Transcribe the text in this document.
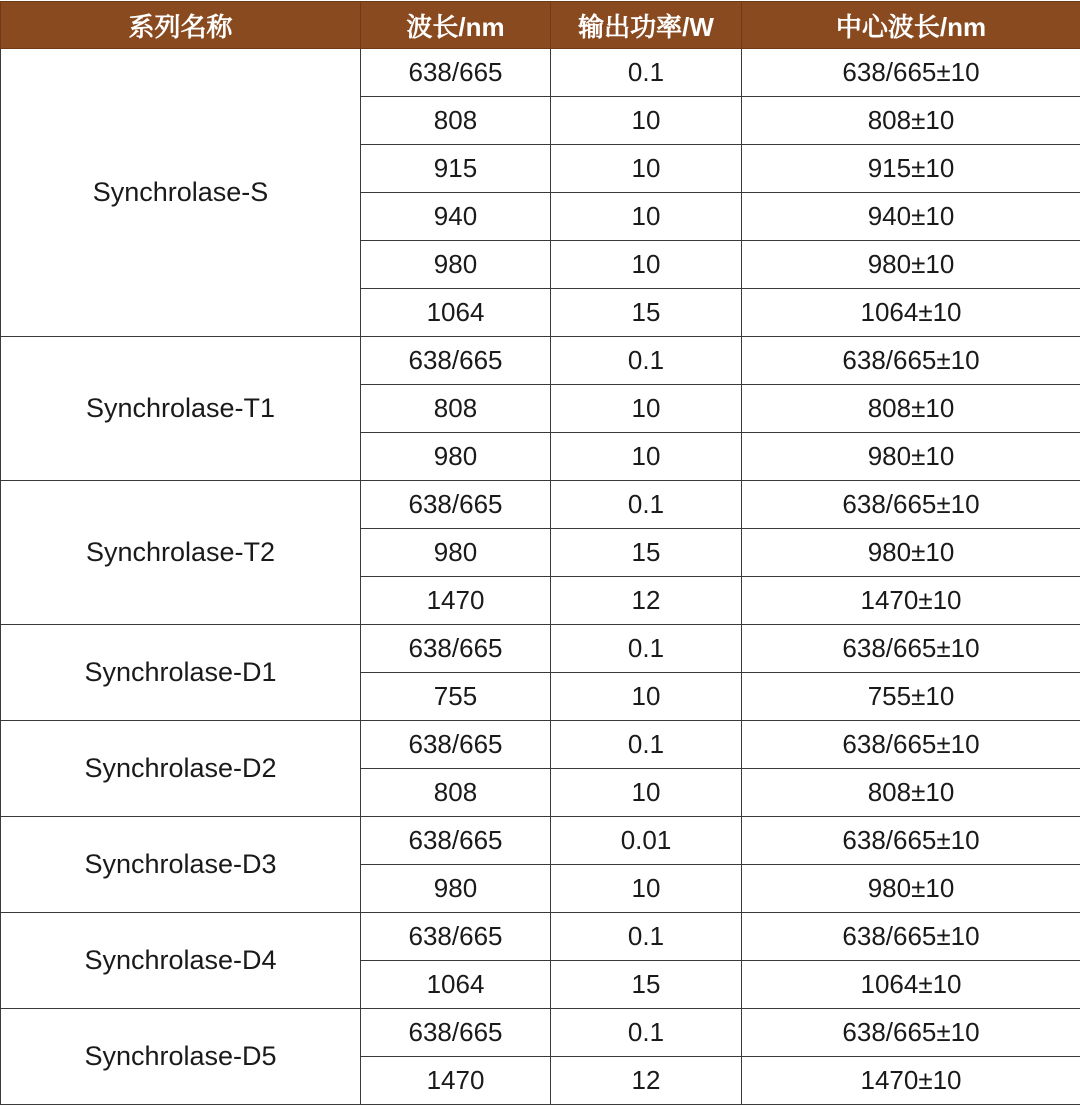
系列名称	波长/nm	输出功率/W	中心波长/nm
Synchrolase-S	638/665	0.1	638/665±10
	808	10	808±10
	915	10	915±10
	940	10	940±10
	980	10	980±10
	1064	15	1064±10
Synchrolase-T1	638/665	0.1	638/665±10
	808	10	808±10
	980	10	980±10
Synchrolase-T2	638/665	0.1	638/665±10
	980	15	980±10
	1470	12	1470±10
Synchrolase-D1	638/665	0.1	638/665±10
	755	10	755±10
Synchrolase-D2	638/665	0.1	638/665±10
	808	10	808±10
Synchrolase-D3	638/665	0.01	638/665±10
	980	10	980±10
Synchrolase-D4	638/665	0.1	638/665±10
	1064	15	1064±10
Synchrolase-D5	638/665	0.1	638/665±10
	1470	12	1470±10
